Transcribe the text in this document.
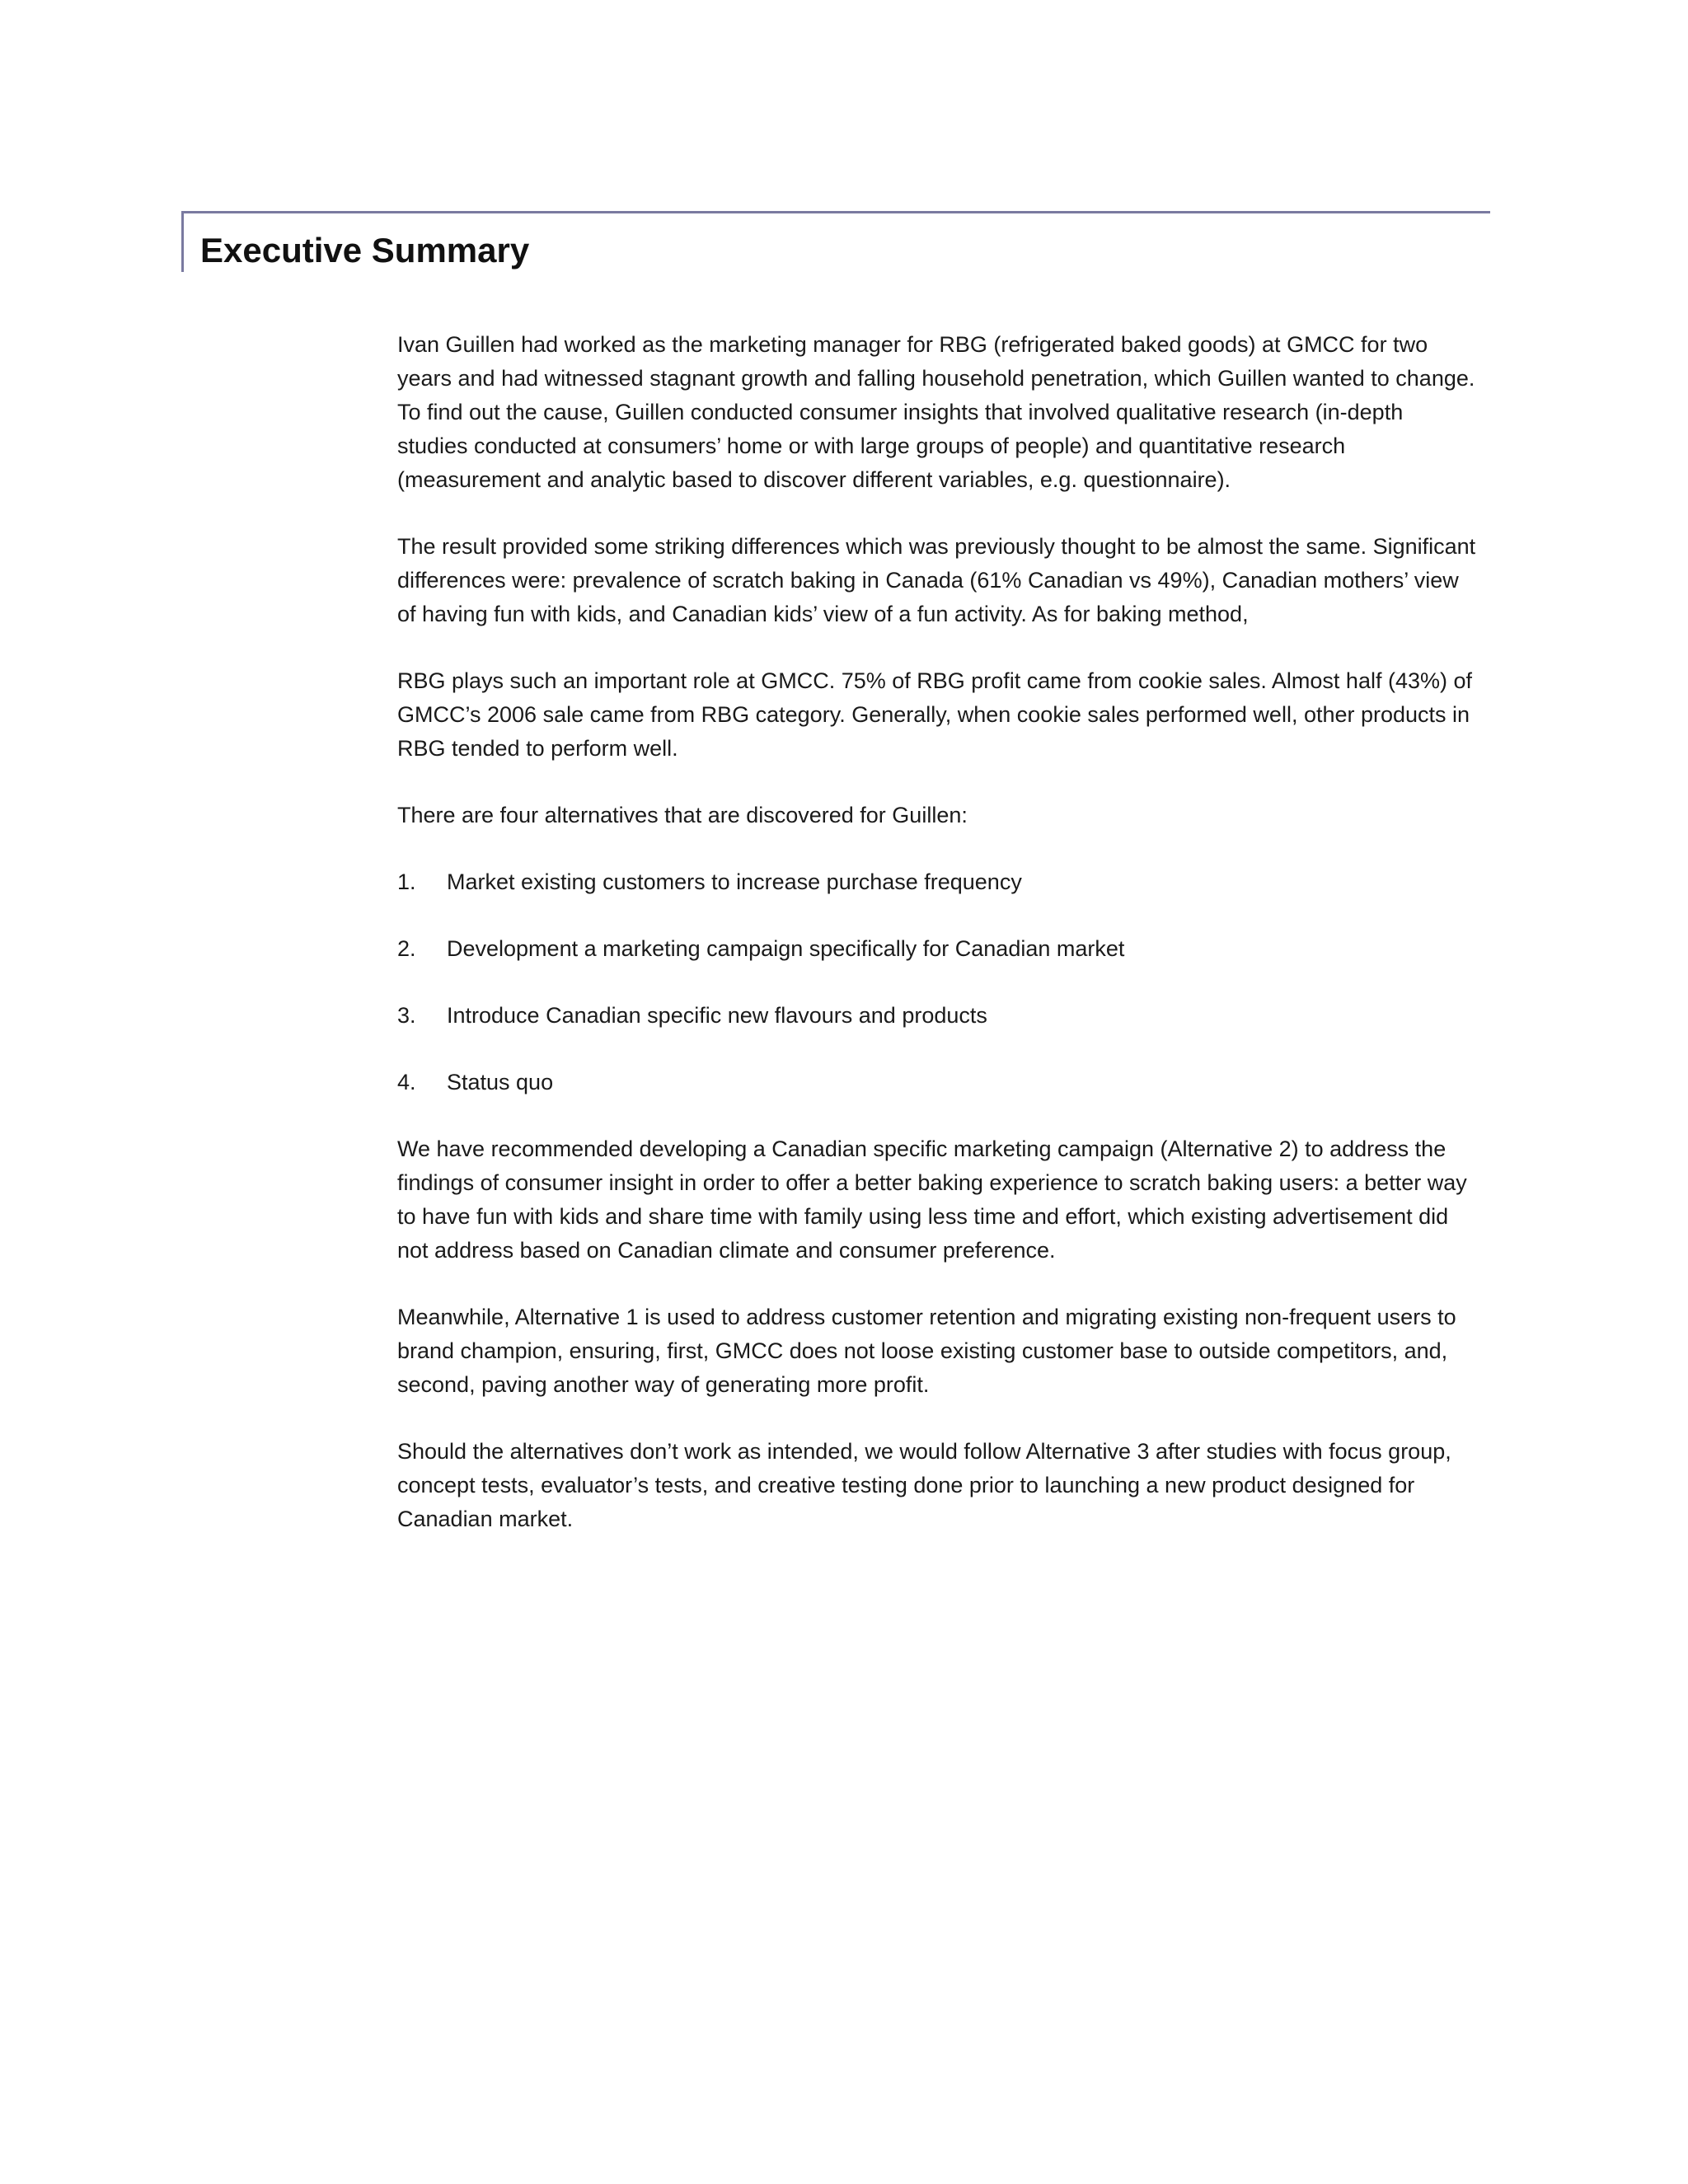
Executive Summary

Ivan Guillen had worked as the marketing manager for RBG (refrigerated baked goods) at GMCC for two years and had witnessed stagnant growth and falling household penetration, which Guillen wanted to change. To find out the cause, Guillen conducted consumer insights that involved qualitative research (in-depth studies conducted at consumers’ home or with large groups of people) and quantitative research (measurement and analytic based to discover different variables, e.g. questionnaire).

The result provided some striking differences which was previously thought to be almost the same. Significant differences were: prevalence of scratch baking in Canada (61% Canadian vs 49%), Canadian mothers’ view of having fun with kids, and Canadian kids’ view of a fun activity. As for baking method,

RBG plays such an important role at GMCC. 75% of RBG profit came from cookie sales. Almost half (43%) of GMCC’s 2006 sale came from RBG category. Generally, when cookie sales performed well, other products in RBG tended to perform well.

There are four alternatives that are discovered for Guillen:

1. Market existing customers to increase purchase frequency
2. Development a marketing campaign specifically for Canadian market
3. Introduce Canadian specific new flavours and products
4. Status quo

We have recommended developing a Canadian specific marketing campaign (Alternative 2) to address the findings of consumer insight in order to offer a better baking experience to scratch baking users: a better way to have fun with kids and share time with family using less time and effort, which existing advertisement did not address based on Canadian climate and consumer preference.

Meanwhile, Alternative 1 is used to address customer retention and migrating existing non-frequent users to brand champion, ensuring, first, GMCC does not loose existing customer base to outside competitors, and, second, paving another way of generating more profit.

Should the alternatives don’t work as intended, we would follow Alternative 3 after studies with focus group, concept tests, evaluator’s tests, and creative testing done prior to launching a new product designed for Canadian market.
